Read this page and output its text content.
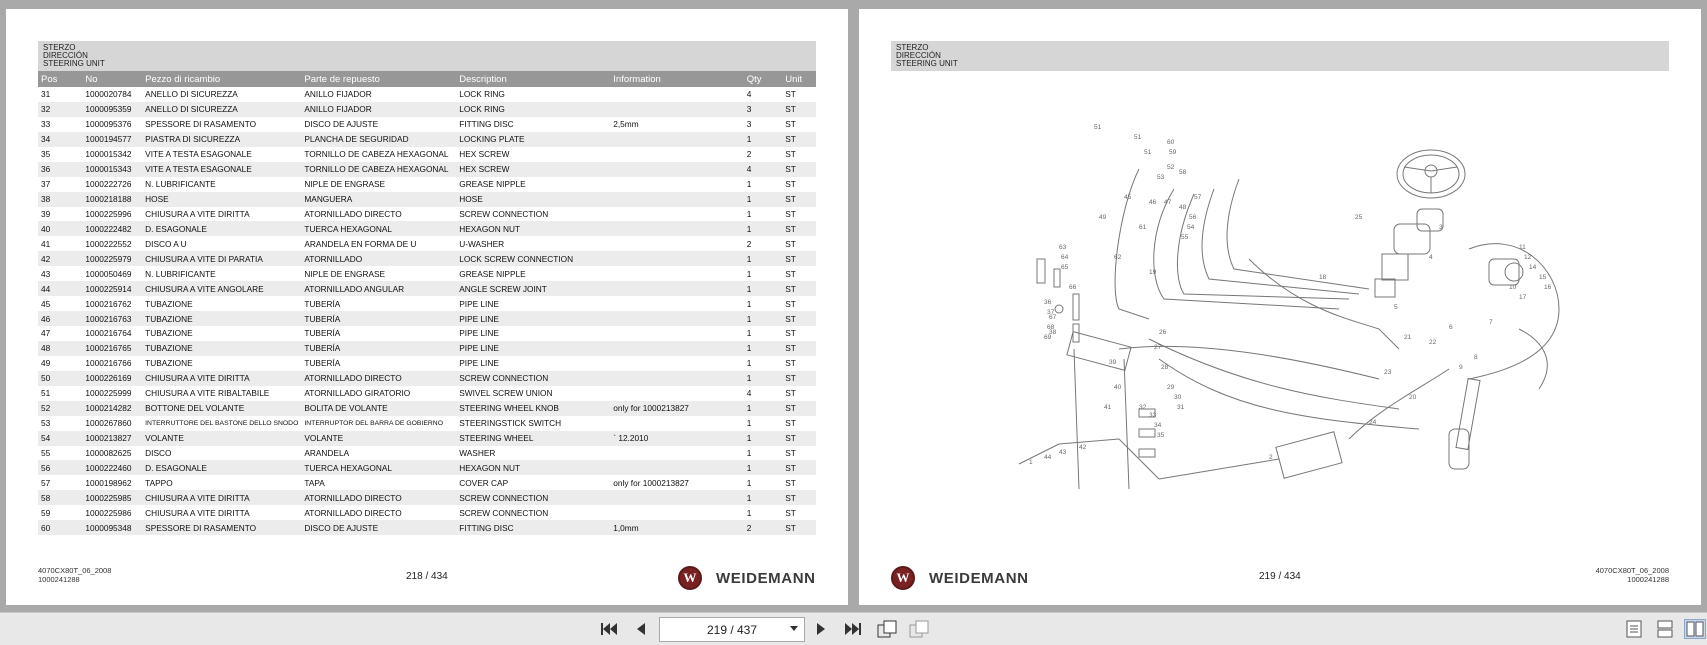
STERZO
DIRECCIÓN
STEERING UNIT
Pos	No	Pezzo di ricambio	Parte de repuesto	Description	Information	Qty	Unit
31	1000020784	ANELLO DI SICUREZZA	ANILLO FIJADOR	LOCK RING		4	ST
32	1000095359	ANELLO DI SICUREZZA	ANILLO FIJADOR	LOCK RING		3	ST
33	1000095376	SPESSORE DI RASAMENTO	DISCO DE AJUSTE	FITTING DISC	2,5mm	3	ST
34	1000194577	PIASTRA DI SICUREZZA	PLANCHA DE SEGURIDAD	LOCKING PLATE		1	ST
35	1000015342	VITE A TESTA ESAGONALE	TORNILLO DE CABEZA HEXAGONAL	HEX SCREW		2	ST
36	1000015343	VITE A TESTA ESAGONALE	TORNILLO DE CABEZA HEXAGONAL	HEX SCREW		4	ST
37	1000222726	N. LUBRIFICANTE	NIPLE DE ENGRASE	GREASE NIPPLE		1	ST
38	1000218188	HOSE	MANGUERA	HOSE		1	ST
39	1000225996	CHIUSURA A VITE DIRITTA	ATORNILLADO DIRECTO	SCREW CONNECTION		1	ST
40	1000222482	D. ESAGONALE	TUERCA HEXAGONAL	HEXAGON NUT		1	ST
41	1000222552	DISCO A U	ARANDELA EN FORMA DE U	U-WASHER		2	ST
42	1000225979	CHIUSURA A VITE DI PARATIA	ATORNILLADO	LOCK SCREW CONNECTION		1	ST
43	1000050469	N. LUBRIFICANTE	NIPLE DE ENGRASE	GREASE NIPPLE		1	ST
44	1000225914	CHIUSURA A VITE ANGOLARE	ATORNILLADO ANGULAR	ANGLE SCREW JOINT		1	ST
45	1000216762	TUBAZIONE	TUBERÍA	PIPE LINE		1	ST
46	1000216763	TUBAZIONE	TUBERÍA	PIPE LINE		1	ST
47	1000216764	TUBAZIONE	TUBERÍA	PIPE LINE		1	ST
48	1000216765	TUBAZIONE	TUBERÍA	PIPE LINE		1	ST
49	1000216766	TUBAZIONE	TUBERÍA	PIPE LINE		1	ST
50	1000226169	CHIUSURA A VITE DIRITTA	ATORNILLADO DIRECTO	SCREW CONNECTION		1	ST
51	1000225999	CHIUSURA A VITE RIBALTABILE	ATORNILLADO GIRATORIO	SWIVEL SCREW UNION		4	ST
52	1000214282	BOTTONE DEL VOLANTE	BOLITA DE VOLANTE	STEERING WHEEL KNOB	only for 1000213827	1	ST
53	1000267860	INTERRUTTORE DEL BASTONE DELLO SNODO	INTERRUPTOR DEL BARRA DE GOBIERNO	STEERINGSTICK SWITCH		1	ST
54	1000213827	VOLANTE	VOLANTE	STEERING WHEEL	` 12.2010	1	ST
55	1000082625	DISCO	ARANDELA	WASHER		1	ST
56	1000222460	D. ESAGONALE	TUERCA HEXAGONAL	HEXAGON NUT		1	ST
57	1000198962	TAPPO	TAPA	COVER CAP	only for 1000213827	1	ST
58	1000225985	CHIUSURA A VITE DIRITTA	ATORNILLADO DIRECTO	SCREW CONNECTION		1	ST
59	1000225986	CHIUSURA A VITE DIRITTA	ATORNILLADO DIRECTO	SCREW CONNECTION		1	ST
60	1000095348	SPESSORE DI RASAMENTO	DISCO DE AJUSTE	FITTING DISC	1,0mm	2	ST
4070CX80T_06_2008
1000241288	218 / 434	W	WEIDEMANN
STERZO
DIRECCIÓN
STEERING UNIT
51
51
51
52
53
54
55
56
57
58
59
60
61
62
63
64
65
66
67
68
69
45
46 47
48
49	25
18
19
20
21
22
23
24
26
27
28
29
30
31
32
33
34
35
36
37
38
39
40
41
42
43
44
1
2
3
4
5
6
7
8
9
10
11
12
14
15
16
17
W	WEIDEMANN	219 / 434
4070CX80T_06_2008
1000241288
219 / 437
